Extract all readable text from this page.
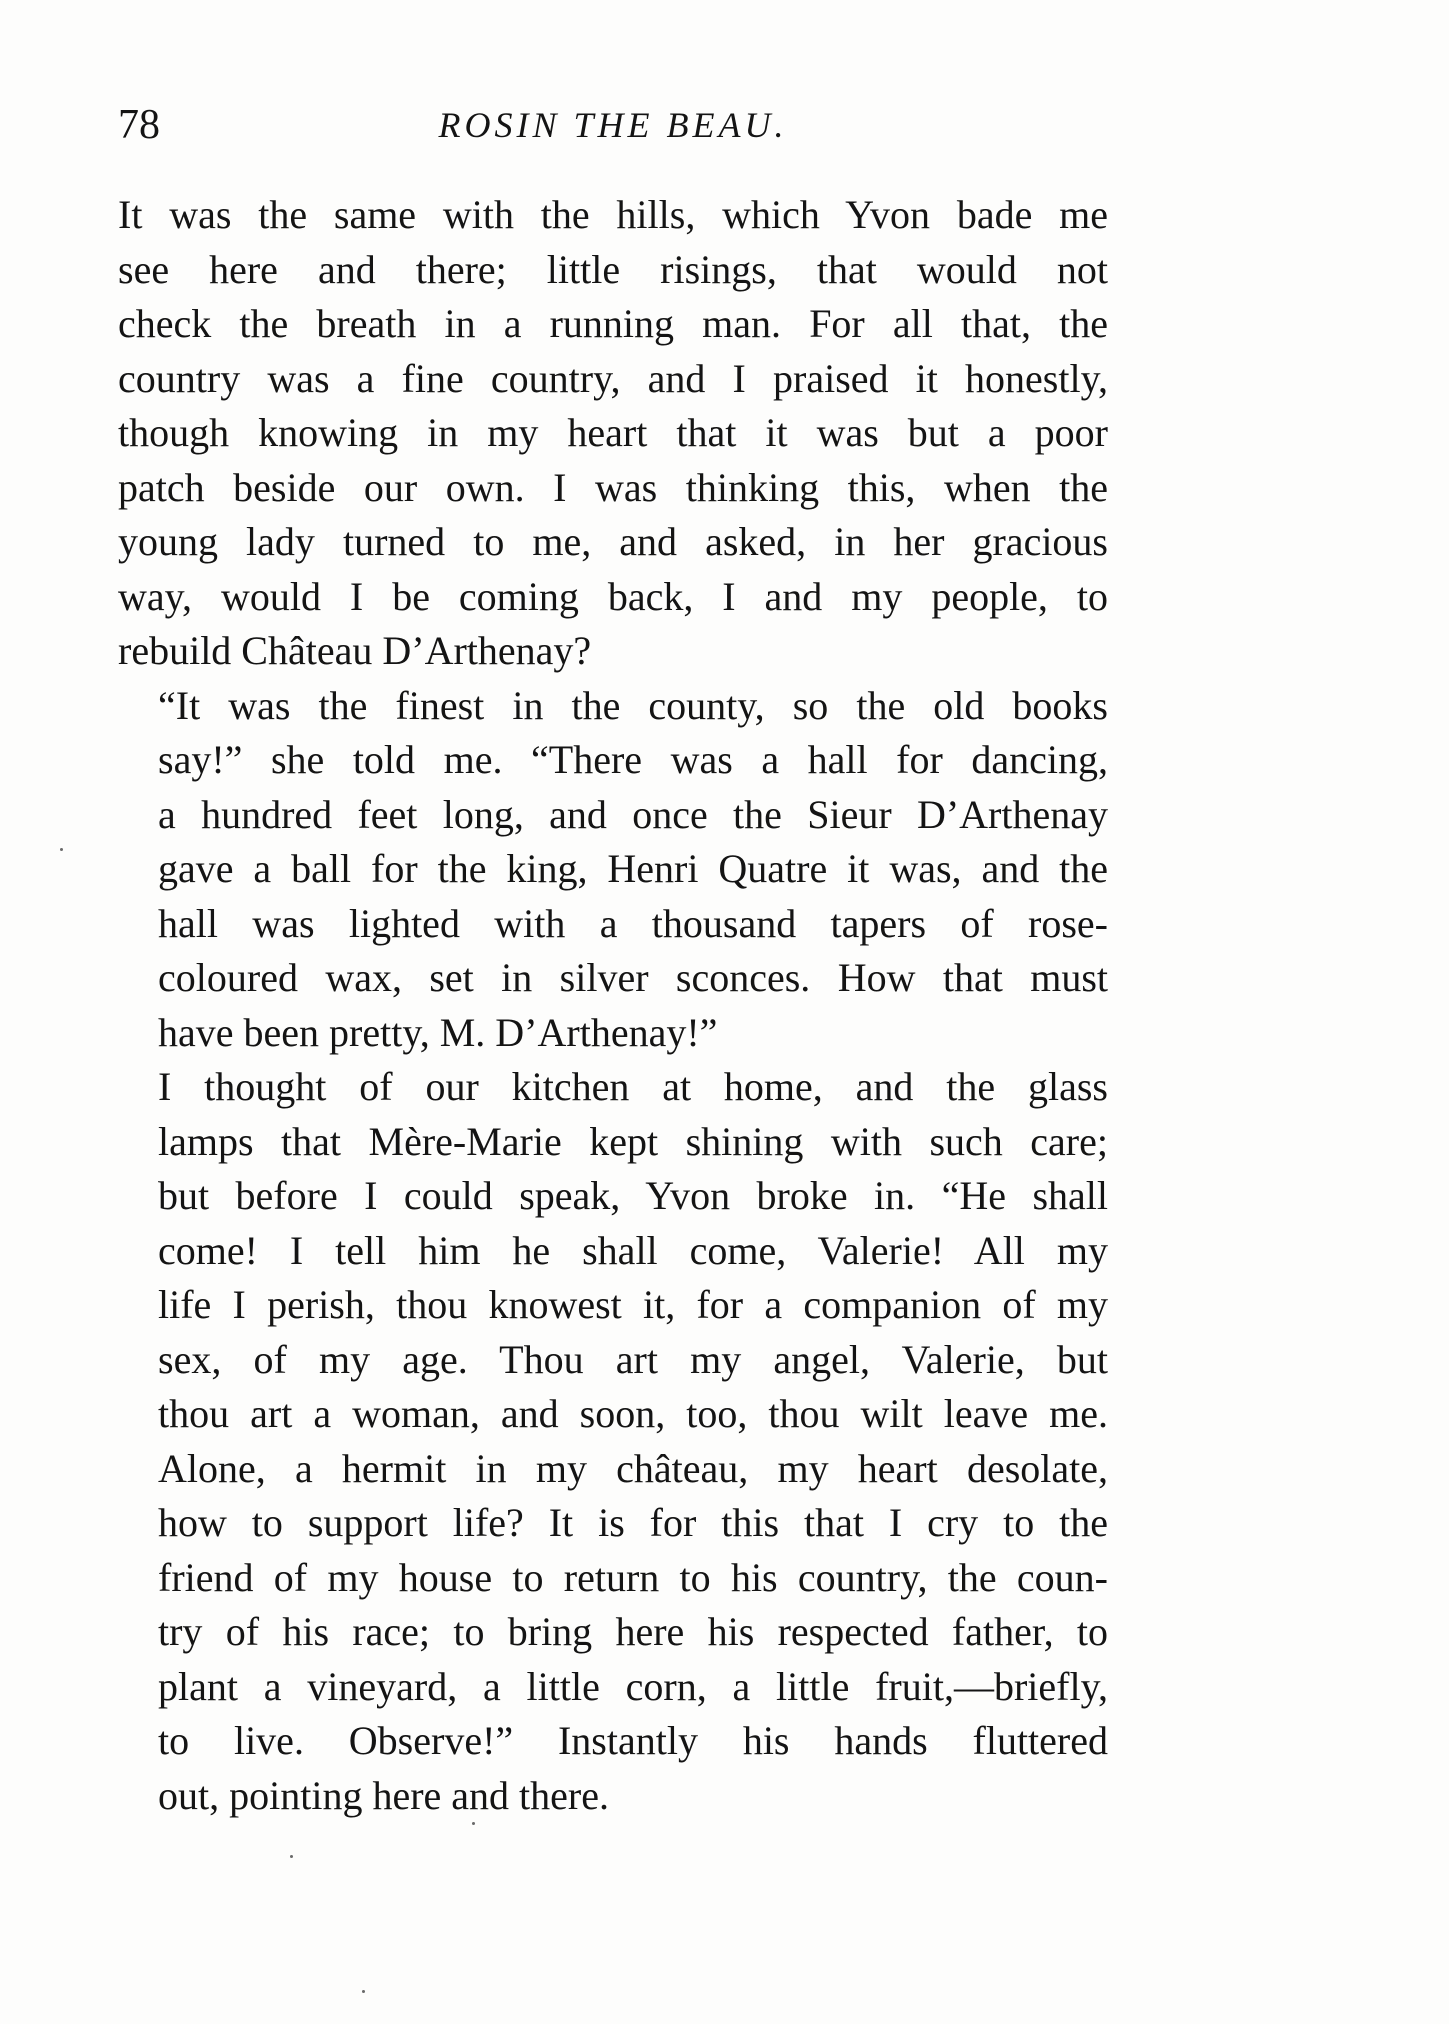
78	ROSIN THE BEAU.

It was the same with the hills, which Yvon bade me
see here and there; little risings, that would not
check the breath in a running man. For all that, the
country was a fine country, and I praised it honestly,
though knowing in my heart that it was but a poor
patch beside our own. I was thinking this, when the
young lady turned to me, and asked, in her gracious
way, would I be coming back, I and my people, to
rebuild Château D’Arthenay?

“It was the finest in the county, so the old books
say!” she told me. “There was a hall for dancing,
a hundred feet long, and once the Sieur D’Arthenay
gave a ball for the king, Henri Quatre it was, and the
hall was lighted with a thousand tapers of rose-
coloured wax, set in silver sconces. How that must
have been pretty, M. D’Arthenay!”

I thought of our kitchen at home, and the glass
lamps that Mère-Marie kept shining with such care;
but before I could speak, Yvon broke in. “He shall
come! I tell him he shall come, Valerie! All my
life I perish, thou knowest it, for a companion of my
sex, of my age. Thou art my angel, Valerie, but
thou art a woman, and soon, too, thou wilt leave me.
Alone, a hermit in my château, my heart desolate,
how to support life? It is for this that I cry to the
friend of my house to return to his country, the coun-
try of his race; to bring here his respected father, to
plant a vineyard, a little corn, a little fruit,—briefly,
to live. Observe!” Instantly his hands fluttered
out, pointing here and there.
